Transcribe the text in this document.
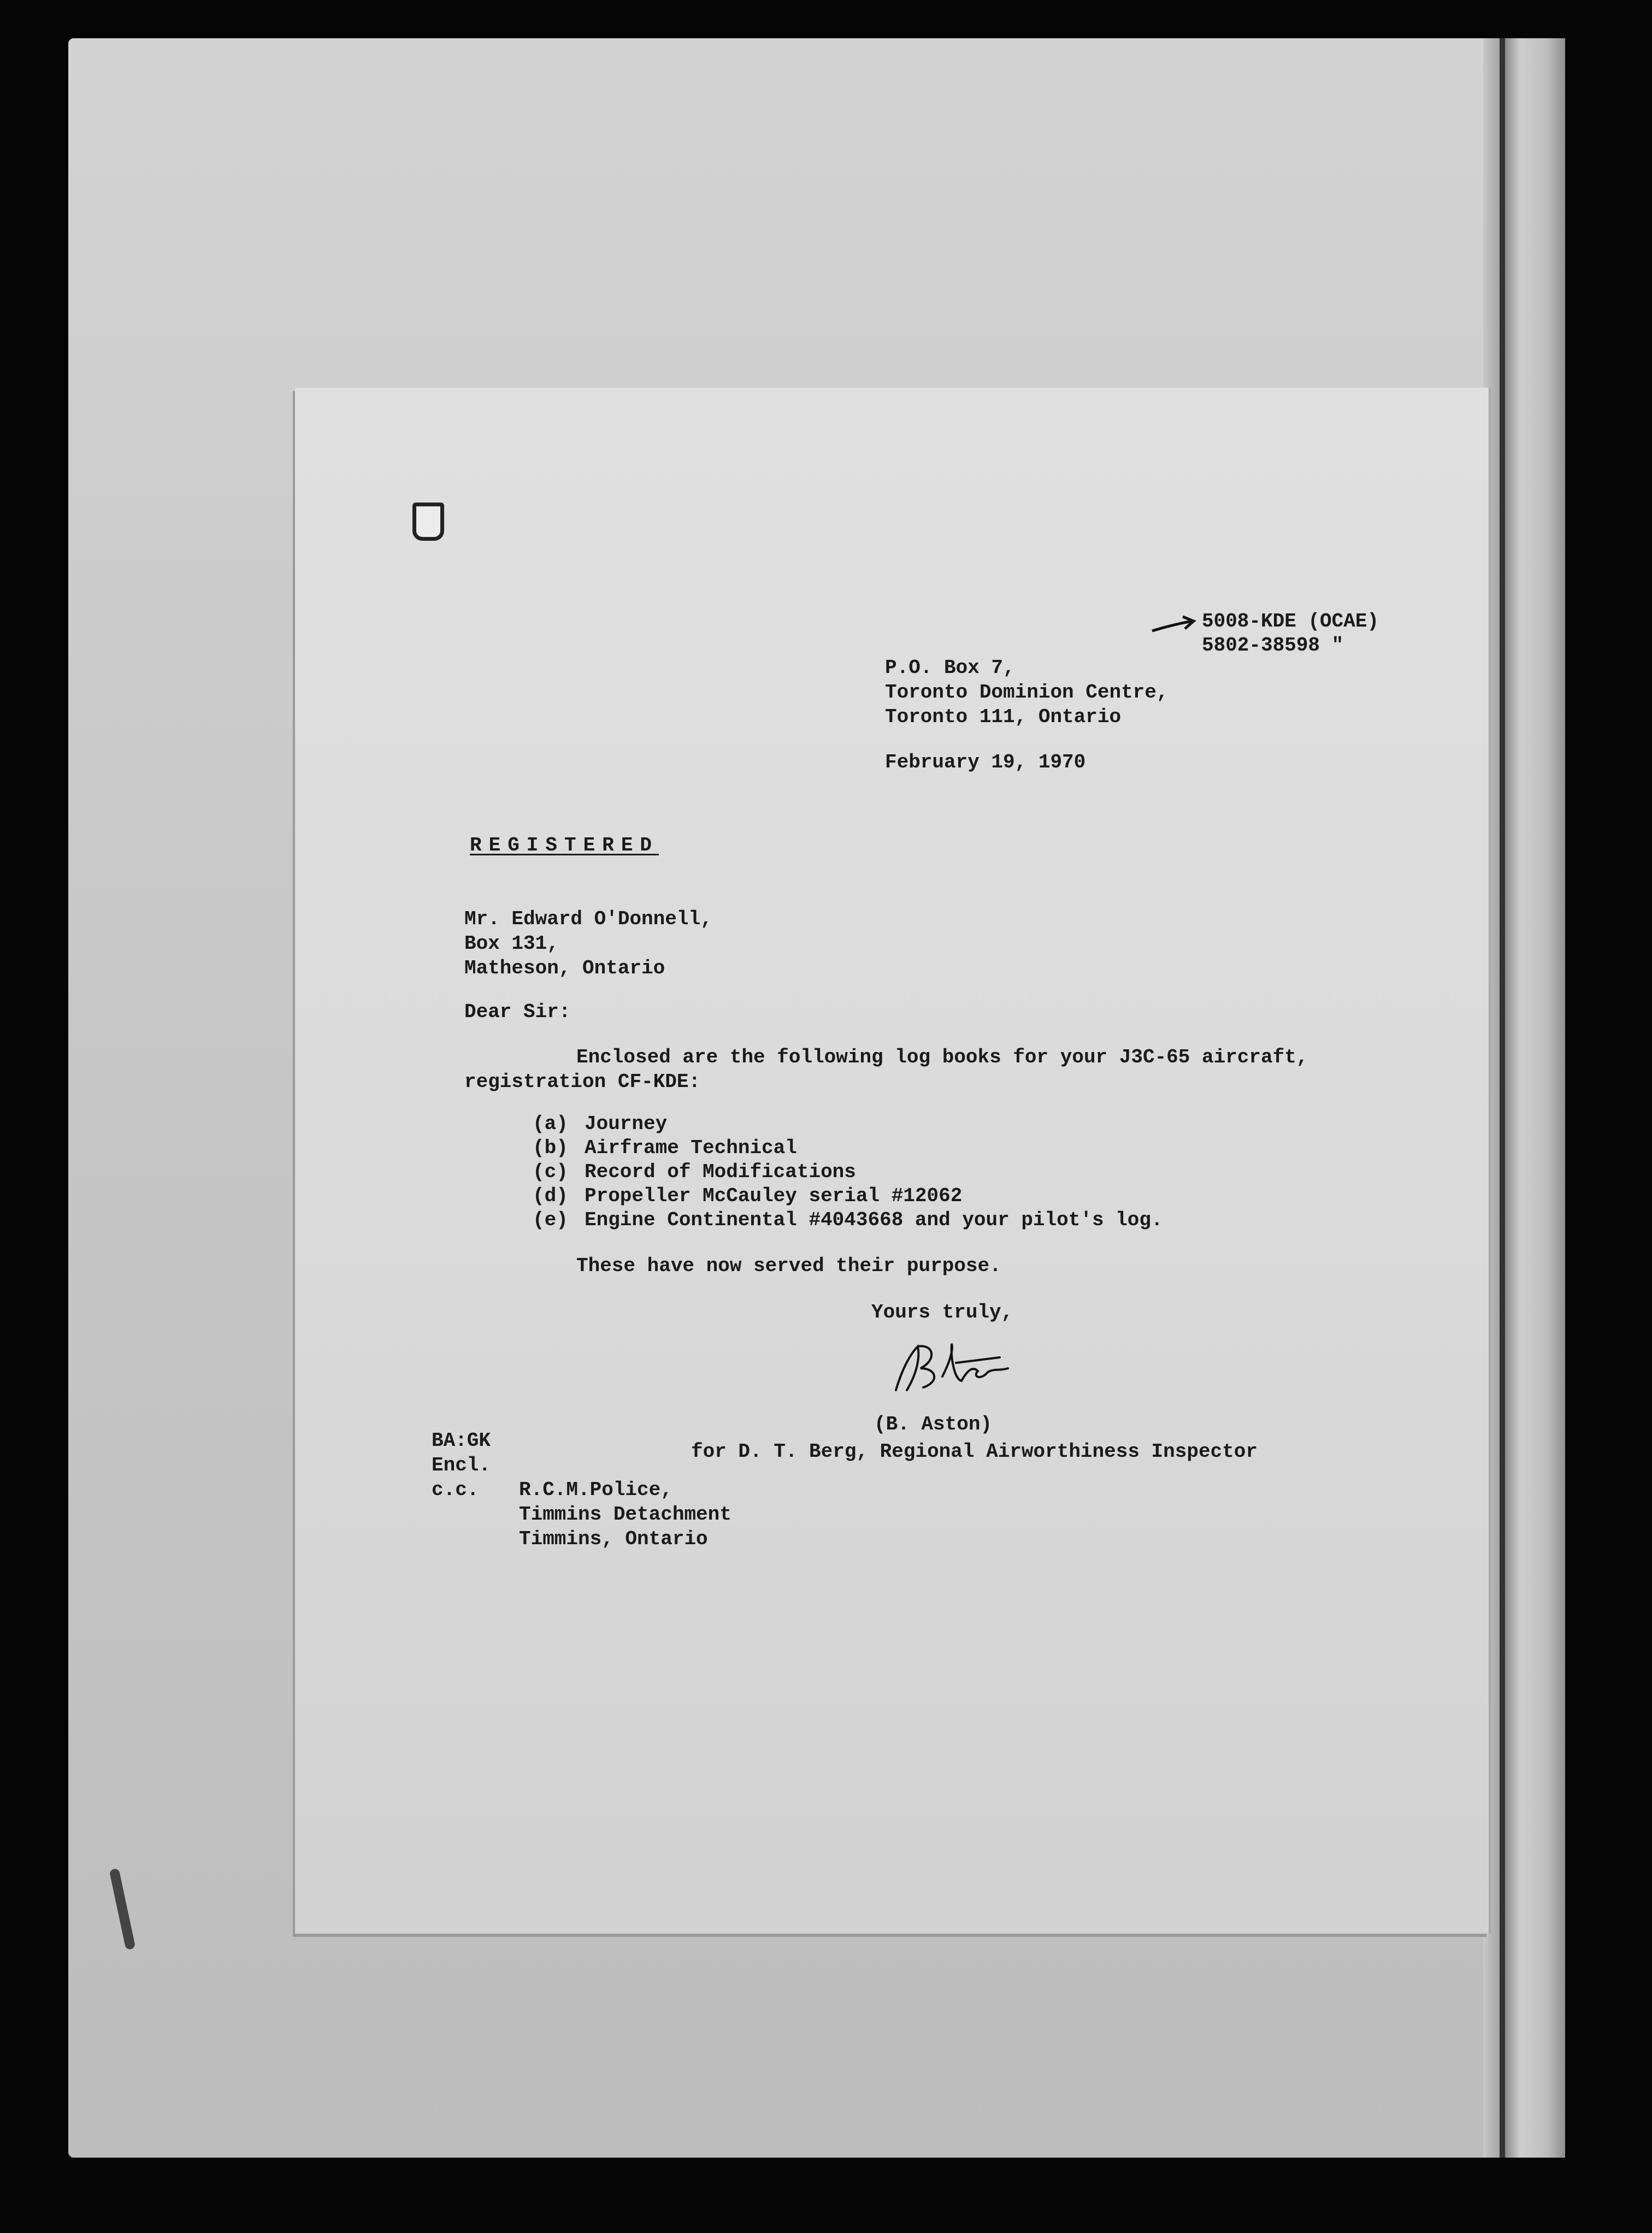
5008-KDE (OCAE)
5802-38598 "
P.O. Box 7,
Toronto Dominion Centre,
Toronto 111, Ontario
February 19, 1970
REGISTERED
Mr. Edward O'Donnell,
Box 131,
Matheson, Ontario
Dear Sir:
Enclosed are the following log books for your J3C-65 aircraft,
registration CF-KDE:
(a) Journey
(b) Airframe Technical
(c) Record of Modifications
(d) Propeller McCauley serial #12062
(e) Engine Continental #4043668 and your pilot's log.
These have now served their purpose.
Yours truly,
(B. Aston)
for D. T. Berg, Regional Airworthiness Inspector
BA:GK
Encl.
c.c. R.C.M.Police,
Timmins Detachment
Timmins, Ontario
